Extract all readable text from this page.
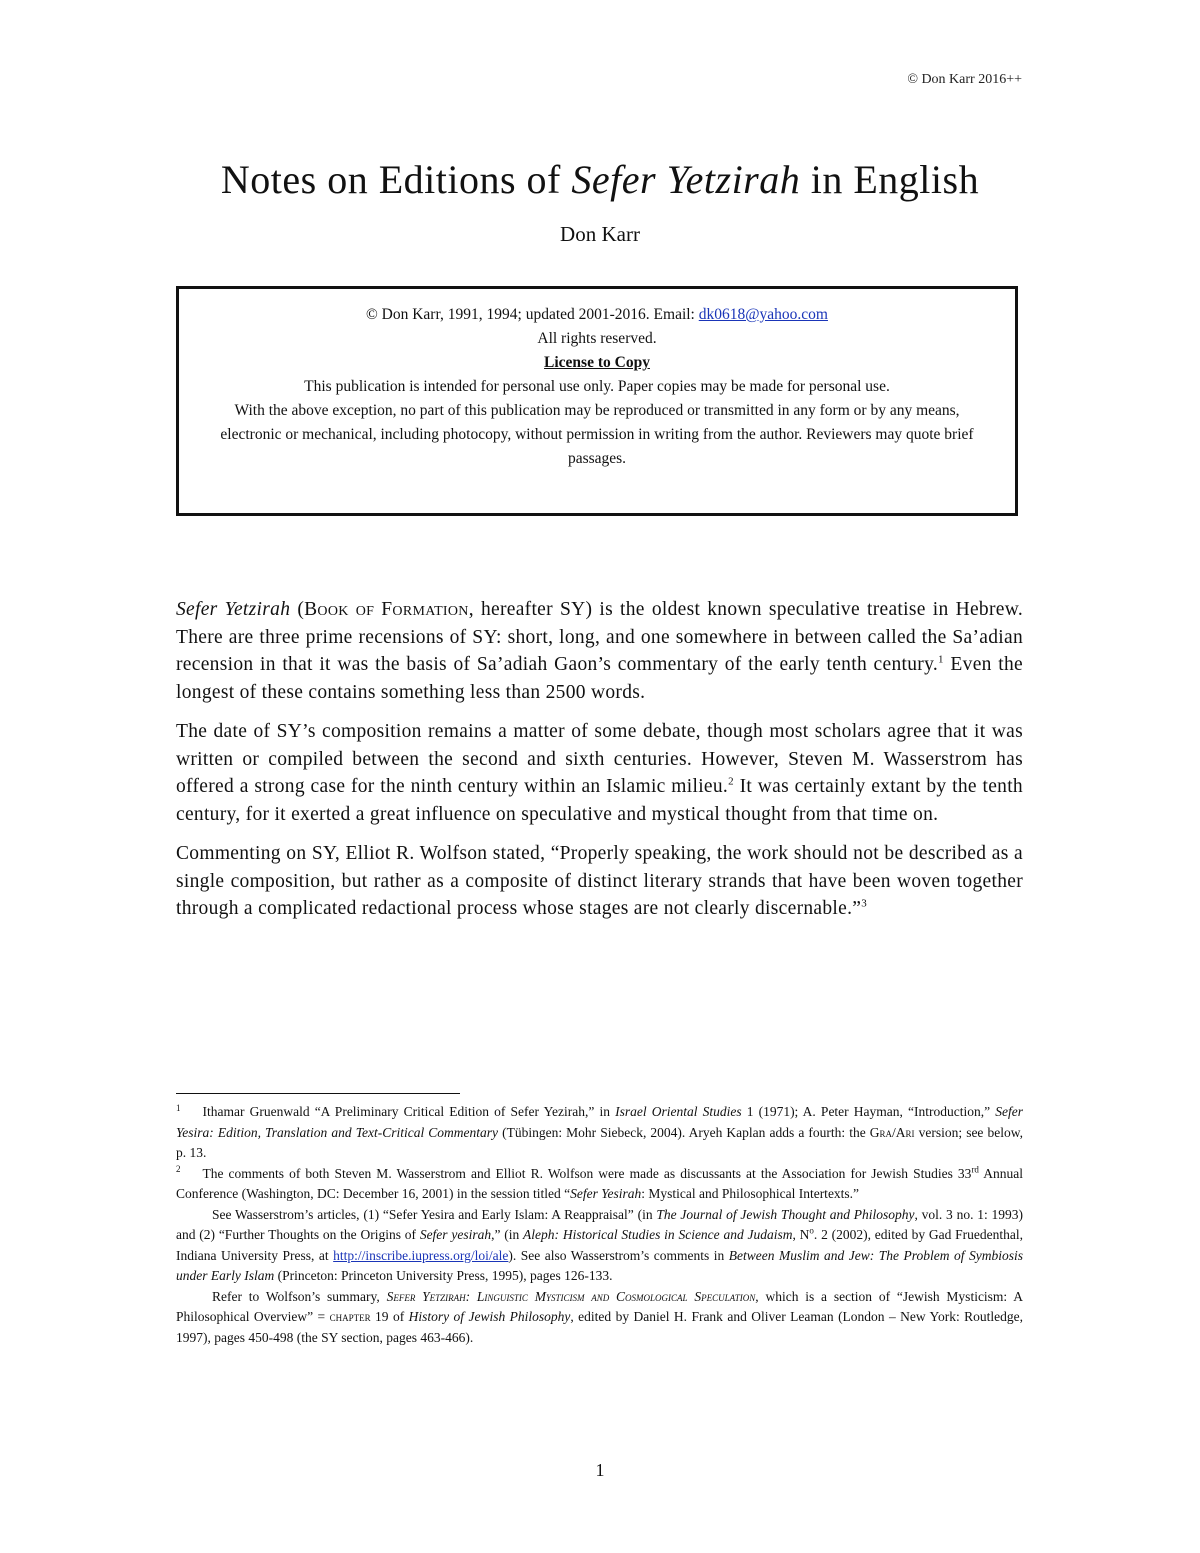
© Don Karr 2016++
Notes on Editions of Sefer Yetzirah in English
Don Karr
© Don Karr, 1991, 1994; updated 2001-2016. Email: dk0618@yahoo.com
All rights reserved.
License to Copy
This publication is intended for personal use only. Paper copies may be made for personal use.
With the above exception, no part of this publication may be reproduced or transmitted in any form or by any means, electronic or mechanical, including photocopy, without permission in writing from the author. Reviewers may quote brief passages.

Sefer Yetzirah (Book of Formation, hereafter SY) is the oldest known speculative treatise in Hebrew. There are three prime recensions of SY: short, long, and one somewhere in between called the Sa’adian recension in that it was the basis of Sa’adiah Gaon’s commentary of the early tenth century.$^1$ Even the longest of these contains something less than 2500 words.

The date of SY’s composition remains a matter of some debate, though most scholars agree that it was written or compiled between the second and sixth centuries. However, Steven M. Wasserstrom has offered a strong case for the ninth century within an Islamic milieu.$^2$ It was certainly extant by the tenth century, for it exerted a great influence on speculative and mystical thought from that time on.

Commenting on SY, Elliot R. Wolfson stated, “Properly speaking, the work should not be described as a single composition, but rather as a composite of distinct literary strands that have been woven together through a complicated redactional process whose stages are not clearly discernable.”$^3$

$^1$ Ithamar Gruenwald “A Preliminary Critical Edition of Sefer Yezirah,” in Israel Oriental Studies 1 (1971); A. Peter Hayman, “Introduction,” Sefer Yesira: Edition, Translation and Text-Critical Commentary (Tübingen: Mohr Siebeck, 2004). Aryeh Kaplan adds a fourth: the Gra/Ari version; see below, p. 13.

$^2$ The comments of both Steven M. Wasserstrom and Elliot R. Wolfson were made as discussants at the Association for Jewish Studies 33rd Annual Conference (Washington, DC: December 16, 2001) in the session titled “Sefer Yesirah: Mystical and Philosophical Intertexts.”

See Wasserstrom’s articles, (1) “Sefer Yesira and Early Islam: A Reappraisal” (in The Journal of Jewish Thought and Philosophy, vol. 3 no. 1: 1993) and (2) “Further Thoughts on the Origins of Sefer yesirah,” (in Aleph: Historical Studies in Science and Judaism, $N^o$. 2 (2002), edited by Gad Fruedenthal, Indiana University Press, at http://inscribe.iupress.org/loi/ale). See also Wasserstrom’s comments in Between Muslim and Jew: The Problem of Symbiosis under Early Islam (Princeton: Princeton University Press, 1995), pages 126-133.

Refer to Wolfson’s summary, Sefer Yetzirah: Linguistic Mysticism and Cosmological Speculation, which is a section of “Jewish Mysticism: A Philosophical Overview” = chapter 19 of History of Jewish Philosophy, edited by Daniel H. Frank and Oliver Leaman (London – New York: Routledge, 1997), pages 450-498 (the SY section, pages 463-466).

1
